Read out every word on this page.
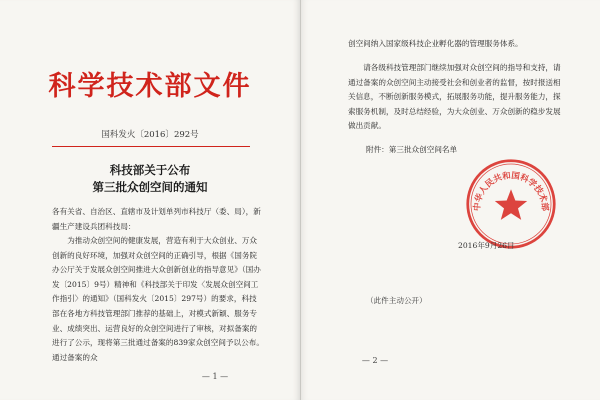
科学技术部文件
国科发火〔2016〕292号
科技部关于公布
第三批众创空间的通知
各有关省、自治区、直辖市及计划单列市科技厅（委、局），新疆生产建设兵团科技局：
为推动众创空间的健康发展，营造有利于大众创业、万众创新的良好环境，加强对众创空间的正确引导，根据《国务院办公厅关于发展众创空间推进大众创新创业的指导意见》（国办发〔2015〕9号）精神和《科技部关于印发〈发展众创空间工作指引〉的通知》（国科发火〔2015〕297号）的要求，科技部在各地方科技管理部门推荐的基础上，对模式新颖、服务专业、成绩突出、运营良好的众创空间进行了审核，对拟备案的进行了公示，现将第三批通过备案的839家众创空间予以公布。通过备案的众
— 1 —
创空间纳入国家级科技企业孵化器的管理服务体系。
请各级科技管理部门继续加强对众创空间的指导和支持，请通过备案的众创空间主动接受社会和创业者的监督，按时报送相关信息，不断创新服务模式，拓展服务功能，提升服务能力，探索服务机制，及时总结经验，为大众创业、万众创新的稳步发展做出贡献。
附件：第三批众创空间名单
中华人民共和国科学技术部
2016年9月26日
（此件主动公开）
— 2 —
